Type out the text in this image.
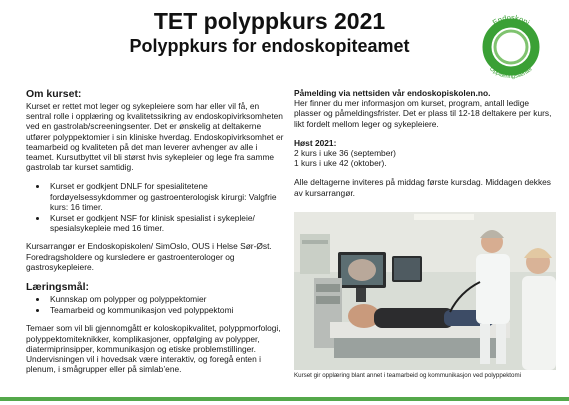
TET polyppkurs 2021
Polyppkurs for endoskopiteamet
Endoskopi
Opplæringssenter
Om kurset:
Kurset er rettet mot leger og sykepleiere som har eller vil få, en sentral rolle i opplæring og kvalitetssikring av endoskopivirksomheten ved en gastrolab/screeningsenter. Det er ønskelig at deltakerne utfører polyppektomier i sin kliniske hverdag. Endoskopivirksomhet er teamarbeid og kvaliteten på det man leverer avhenger av alle i teamet. Kursutbyttet vil bli størst hvis sykepleier og lege fra samme gastrolab tar kurset samtidig.
• Kurset er godkjent DNLF for spesialitetene fordøyelsessykdommer og gastroenterologisk kirurgi: Valgfrie kurs: 16 timer.
• Kurset er godkjent NSF for klinisk spesialist i sykepleie/ spesialsykepleie med 16 timer.
Kursarrangør er Endoskopiskolen/ SimOslo, OUS i Helse Sør-Øst. Foredragsholdere og kursledere er gastroenterologer og gastrosykepleiere.
Læringsmål:
• Kunnskap om polypper og polyppektomier
• Teamarbeid og kommunikasjon ved polyppektomi
Temaer som vil bli gjennomgått er koloskopikvalitet, polyppmorfologi, polyppektomiteknikker, komplikasjoner, oppfølging av polypper, diatermiprinsipper, kommunikasjon og etiske problemstillinger. Undervisningen vil i hovedsak være interaktiv, og foregå enten i plenum, i smågrupper eller på simlab’ene.
Påmelding via nettsiden vår endoskopiskolen.no.
Her finner du mer informasjon om kurset, program, antall ledige plasser og påmeldingsfrister. Det er plass til 12-18 deltakere per kurs, likt fordelt mellom leger og sykepleiere.
Høst 2021:
2 kurs i uke 36 (september)
1 kurs i uke 42 (oktober).
Alle deltagerne inviteres på middag første kursdag. Middagen dekkes av kursarrangør.
Kurset gir opplæring blant annet i teamarbeid og kommunikasjon ved polyppektomi
